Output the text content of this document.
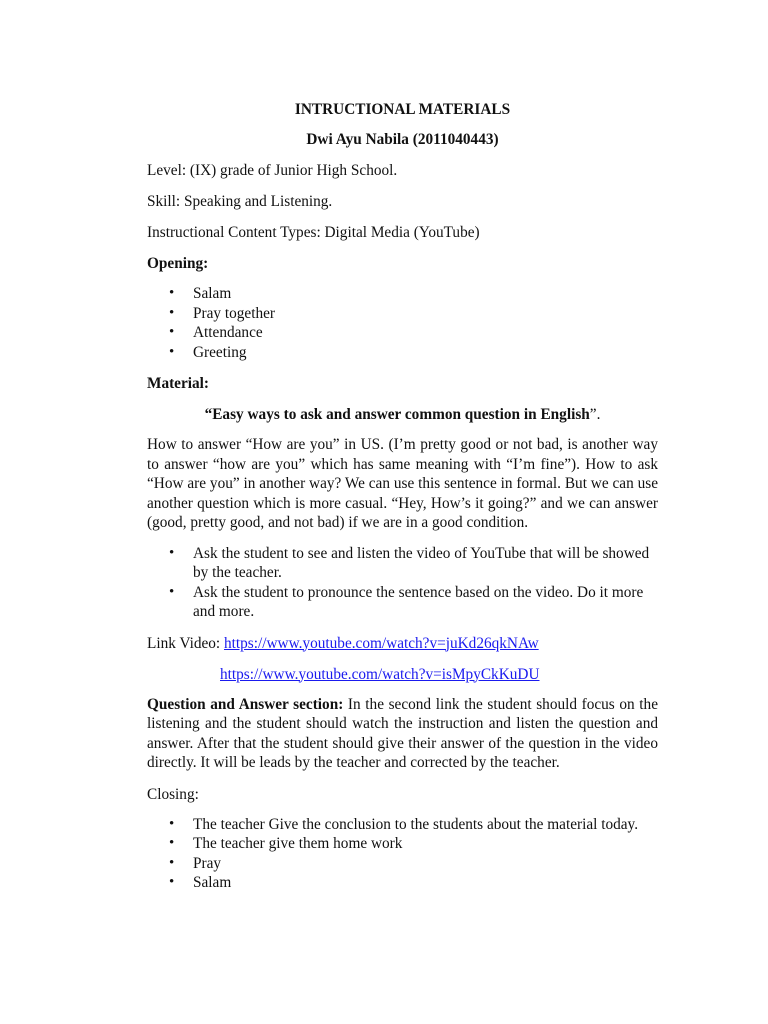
INTRUCTIONAL MATERIALS
Dwi Ayu Nabila (2011040443)

Level: (IX) grade of Junior High School.

Skill: Speaking and Listening.

Instructional Content Types: Digital Media (YouTube)

Opening:

• Salam
• Pray together
• Attendance
• Greeting

Material:

“Easy ways to ask and answer common question in English”.

How to answer “How are you” in US. (I’m pretty good or not bad, is another way to answer “how are you” which has same meaning with “I’m fine”). How to ask “How are you” in another way? We can use this sentence in formal. But we can use another question which is more casual. “Hey, How’s it going?” and we can answer (good, pretty good, and not bad) if we are in a good condition.

• Ask the student to see and listen the video of YouTube that will be showed by the teacher.
• Ask the student to pronounce the sentence based on the video. Do it more and more.

Link Video: https://www.youtube.com/watch?v=juKd26qkNAw

https://www.youtube.com/watch?v=isMpyCkKuDU

Question and Answer section: In the second link the student should focus on the listening and the student should watch the instruction and listen the question and answer. After that the student should give their answer of the question in the video directly. It will be leads by the teacher and corrected by the teacher.

Closing:

• The teacher Give the conclusion to the students about the material today.
• The teacher give them home work
• Pray
• Salam
